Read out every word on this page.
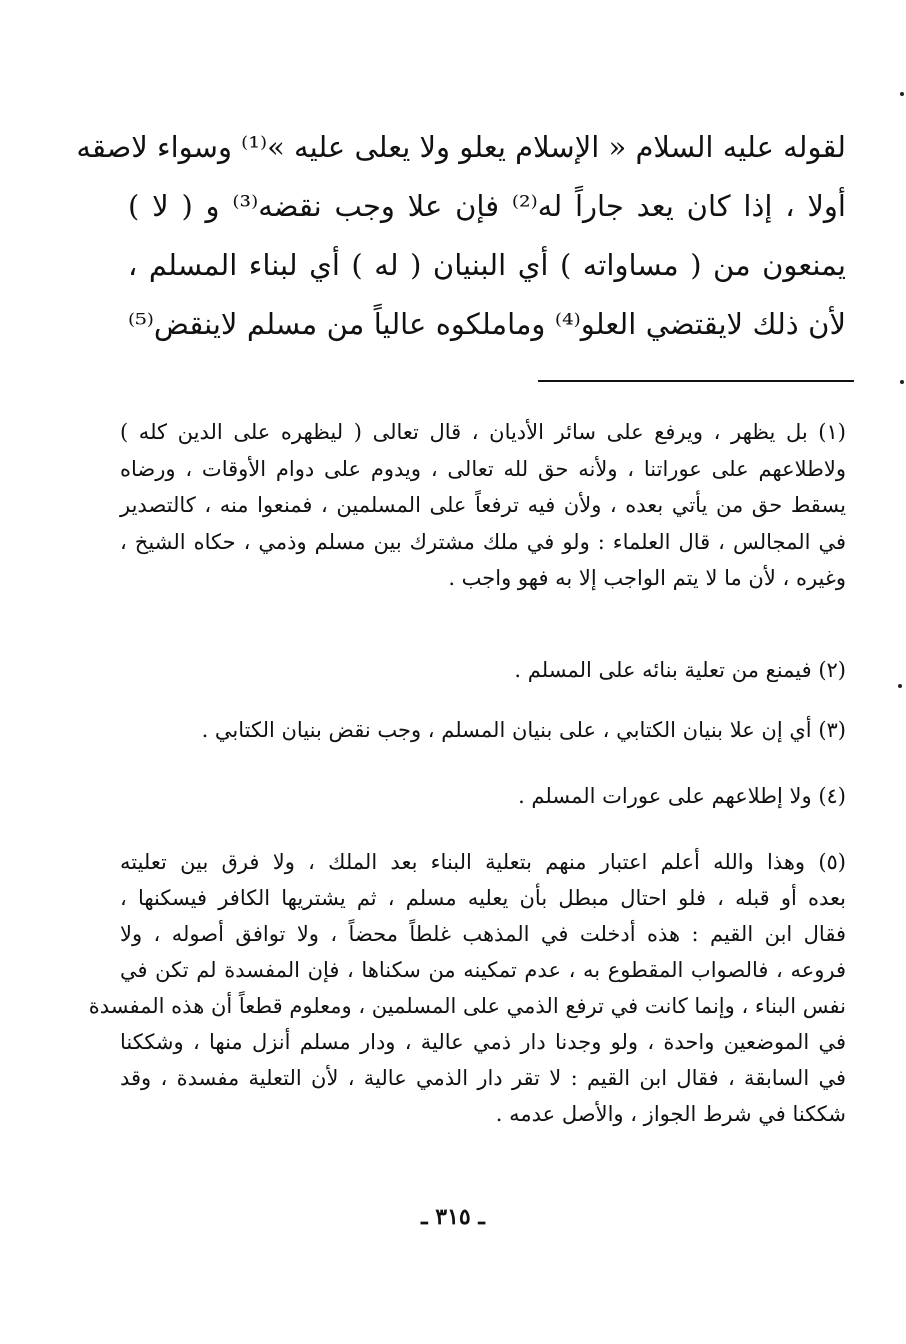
لقوله عليه السلام « الإسلام يعلو ولا يعلى عليه »⁽¹⁾ وسواء لاصقه
أولا ، إذا كان يعد جاراً له⁽²⁾ فإن علا وجب نقضه⁽³⁾ و ( لا )
يمنعون من ( مساواته ) أي البنيان ( له ) أي لبناء المسلم ،
لأن ذلك لايقتضي العلو⁽⁴⁾ وماملكوه عالياً من مسلم لاينقض⁽⁵⁾
(١) بل يظهر ، ويرفع على سائر الأديان ، قال تعالى ( ليظهره على الدين كله )
ولاطلاعهم على عوراتنا ، ولأنه حق لله تعالى ، ويدوم على دوام الأوقات ، ورضاه
يسقط حق من يأتي بعده ، ولأن فيه ترفعاً على المسلمين ، فمنعوا منه ، كالتصدير
في المجالس ، قال العلماء : ولو في ملك مشترك بين مسلم وذمي ، حكاه الشيخ ،
وغيره ، لأن ما لا يتم الواجب إلا به فهو واجب .
(٢) فيمنع من تعلية بنائه على المسلم .
(٣) أي إن علا بنيان الكتابي ، على بنيان المسلم ، وجب نقض بنيان الكتابي .
(٤) ولا إطلاعهم على عورات المسلم .
(٥) وهذا والله أعلم اعتبار منهم بتعلية البناء بعد الملك ، ولا فرق بين تعليته
بعده أو قبله ، فلو احتال مبطل بأن يعليه مسلم ، ثم يشتريها الكافر فيسكنها ،
فقال ابن القيم : هذه أدخلت في المذهب غلطاً محضاً ، ولا توافق أصوله ، ولا
فروعه ، فالصواب المقطوع به ، عدم تمكينه من سكناها ، فإن المفسدة لم تكن في
نفس البناء ، وإنما كانت في ترفع الذمي على المسلمين ، ومعلوم قطعاً أن هذه المفسدة
في الموضعين واحدة ، ولو وجدنا دار ذمي عالية ، ودار مسلم أنزل منها ، وشككنا
في السابقة ، فقال ابن القيم : لا تقر دار الذمي عالية ، لأن التعلية مفسدة ، وقد
شككنا في شرط الجواز ، والأصل عدمه .
ـ ٣١٥ ـ
